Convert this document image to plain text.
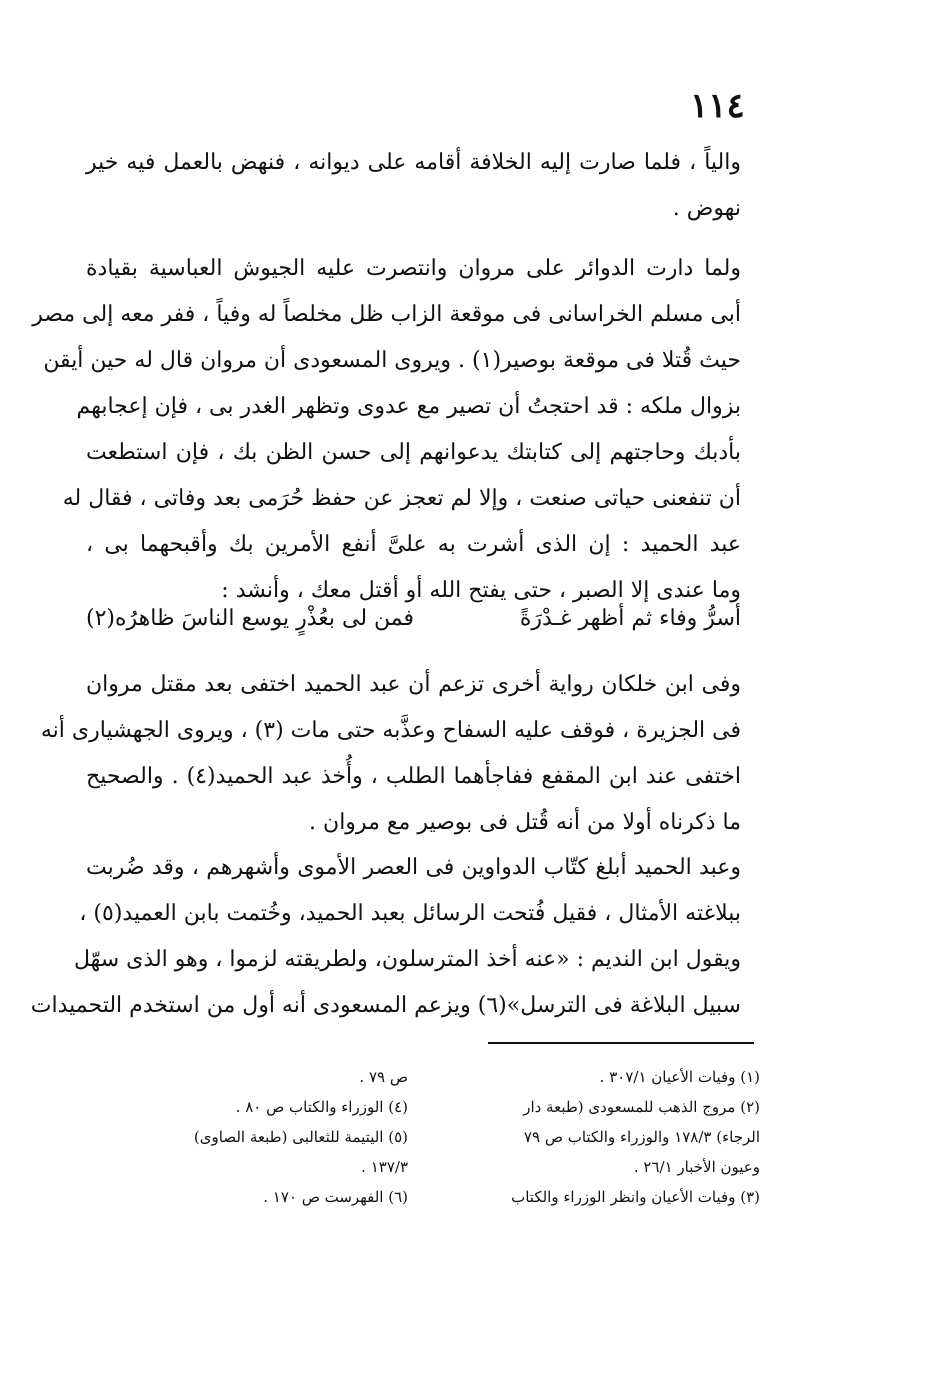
١١٤
والياً ، فلما صارت إليه الخلافة أقامه على ديوانه ، فنهض بالعمل فيه خير
نهوض .
ولما دارت الدوائر على مروان وانتصرت عليه الجيوش العباسية بقيادة
أبى مسلم الخراسانى فى موقعة الزاب ظل مخلصاً له وفياً ، ففر معه إلى مصر
حيث قُتلا فى موقعة بوصير(١) . ويروى المسعودى أن مروان قال له حين أيقن
بزوال ملكه : قد احتجتُ أن تصير مع عدوى وتظهر الغدر بى ، فإن إعجابهم
بأدبك وحاجتهم إلى كتابتك يدعوانهم إلى حسن الظن بك ، فإن استطعت
أن تنفعنى حياتى صنعت ، وإلا لم تعجز عن حفظ حُرَمى بعد وفاتى ، فقال له
عبد الحميد : إن الذى أشرت به علىَّ أنفع الأمرين بك وأقبحهما بى ،
وما عندى إلا الصبر ، حتى يفتح الله أو أقتل معك ، وأنشد :
أسرُّ وفاء ثم أظهر غـدْرَةً
فمن لى بعُذْرٍ يوسع الناسَ ظاهرُه(٢)
وفى ابن خلكان رواية أخرى تزعم أن عبد الحميد اختفى بعد مقتل مروان
فى الجزيرة ، فوقف عليه السفاح وعذَّبه حتى مات (٣) ، ويروى الجهشيارى أنه
اختفى عند ابن المقفع ففاجأهما الطلب ، وأُخذ عبد الحميد(٤) . والصحيح
ما ذكرناه أولا من أنه قُتل فى بوصير مع مروان .
وعبد الحميد أبلغ كتّاب الدواوين فى العصر الأموى وأشهرهم ، وقد ضُربت
ببلاغته الأمثال ، فقيل فُتحت الرسائل بعبد الحميد، وخُتمت بابن العميد(٥) ،
ويقول ابن النديم : «عنه أخذ المترسلون، ولطريقته لزموا ، وهو الذى سهّل
سبيل البلاغة فى الترسل»(٦) ويزعم المسعودى أنه أول من استخدم التحميدات
(١) وفيات الأعيان ٣٠٧/١ .
(٢) مروج الذهب للمسعودى (طبعة دار
الرجاء) ١٧٨/٣ والوزراء والكتاب ص ٧٩
وعيون الأخبار ٢٦/١ .
(٣) وفيات الأعيان وانظر الوزراء والكتاب
ص ٧٩ .
(٤) الوزراء والكتاب ص ٨٠ .
(٥) اليتيمة للثعالبى (طبعة الصاوى)
١٣٧/٣ .
(٦) الفهرست ص ١٧٠ .
